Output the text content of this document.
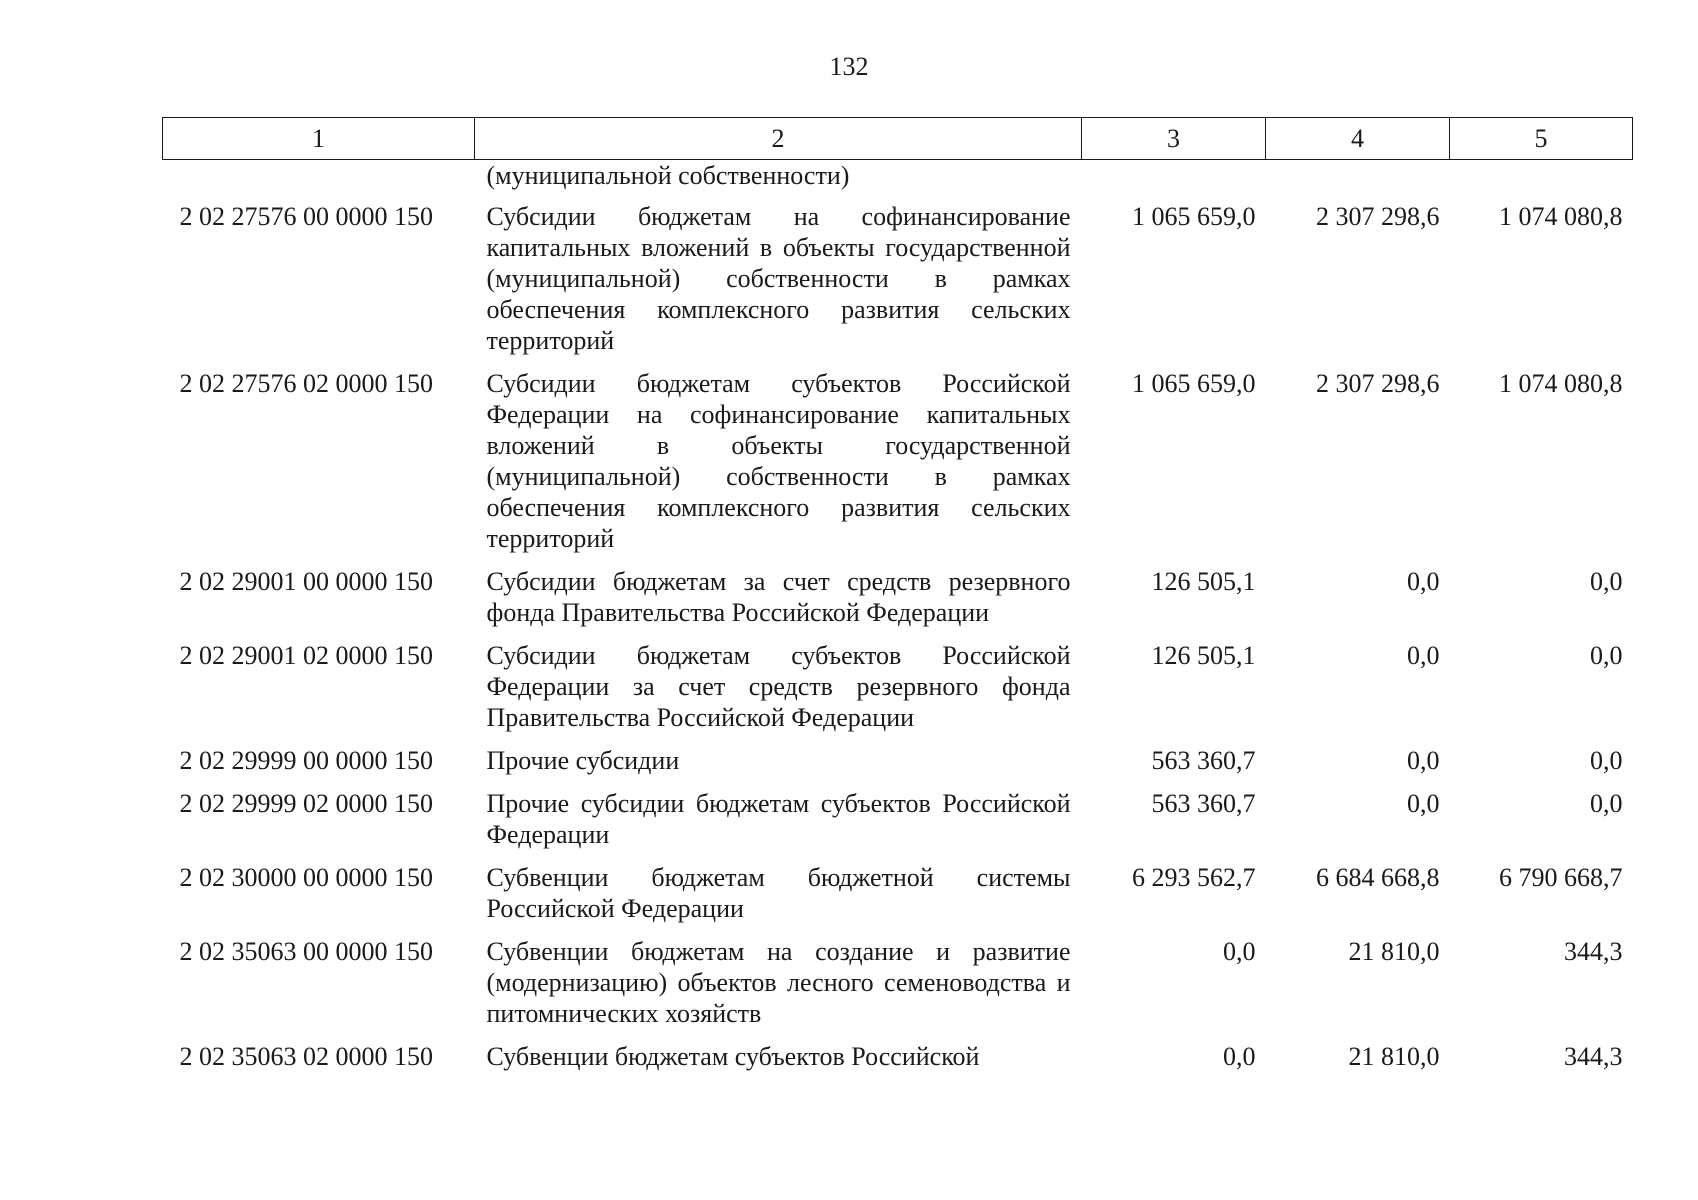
132
1	2	3	4	5
	(муниципальной собственности)			
2 02 27576 00 0000 150	Субсидии бюджетам на софинансирование капитальных вложений в объекты государственной (муниципальной) собственности в рамках обеспечения комплексного развития сельских территорий	1 065 659,0	2 307 298,6	1 074 080,8
2 02 27576 02 0000 150	Субсидии бюджетам субъектов Российской Федерации на софинансирование капитальных вложений в объекты государственной (муниципальной) собственности в рамках обеспечения комплексного развития сельских территорий	1 065 659,0	2 307 298,6	1 074 080,8
2 02 29001 00 0000 150	Субсидии бюджетам за счет средств резервного фонда Правительства Российской Федерации	126 505,1	0,0	0,0
2 02 29001 02 0000 150	Субсидии бюджетам субъектов Российской Федерации за счет средств резервного фонда Правительства Российской Федерации	126 505,1	0,0	0,0
2 02 29999 00 0000 150	Прочие субсидии	563 360,7	0,0	0,0
2 02 29999 02 0000 150	Прочие субсидии бюджетам субъектов Российской Федерации	563 360,7	0,0	0,0
2 02 30000 00 0000 150	Субвенции бюджетам бюджетной системы Российской Федерации	6 293 562,7	6 684 668,8	6 790 668,7
2 02 35063 00 0000 150	Субвенции бюджетам на создание и развитие (модернизацию) объектов лесного семеноводства и питомнических хозяйств	0,0	21 810,0	344,3
2 02 35063 02 0000 150	Субвенции бюджетам субъектов Российской	0,0	21 810,0	344,3
